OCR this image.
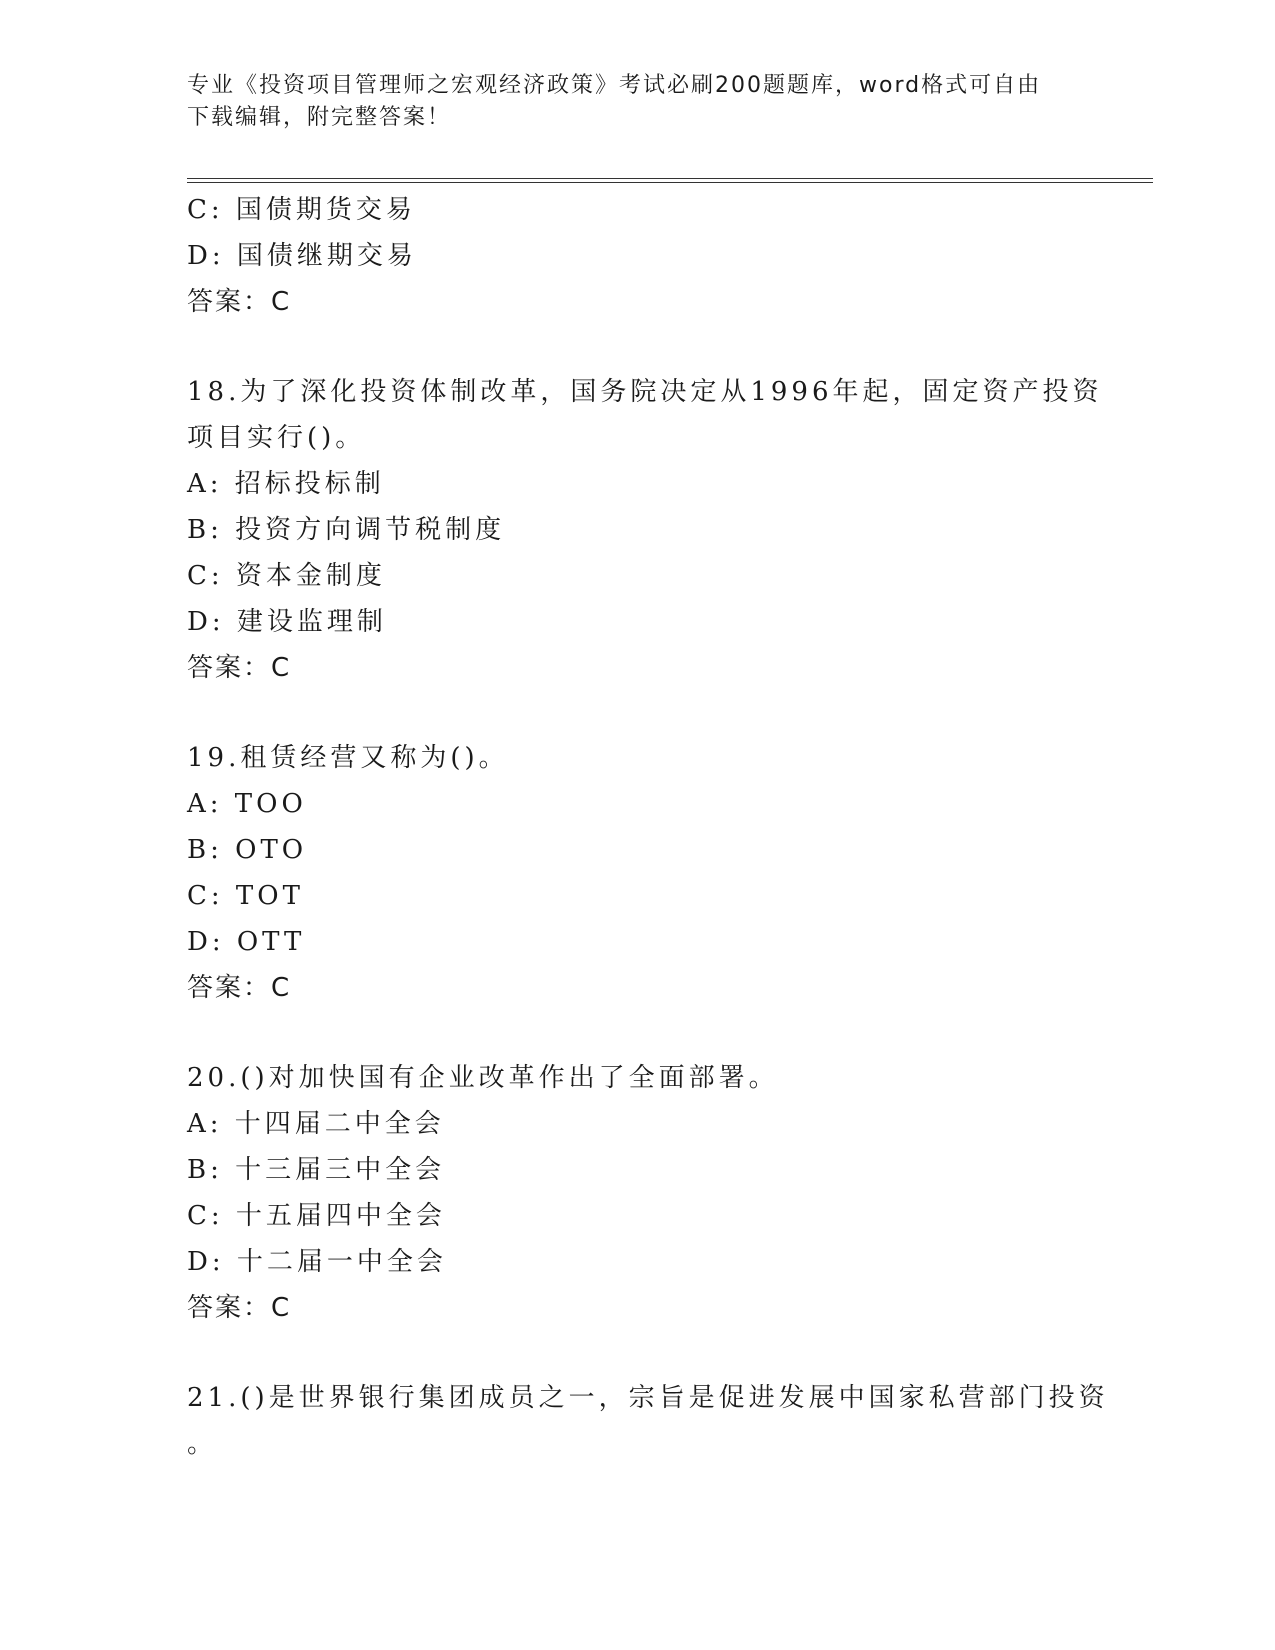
专业《投资项目管理师之宏观经济政策》考试必刷200题题库，word格式可自由
下载编辑，附完整答案！
C: 国债期货交易
D: 国债继期交易
答案：C
18.为了深化投资体制改革，国务院决定从1996年起，固定资产投资
项目实行()。
A: 招标投标制
B: 投资方向调节税制度
C: 资本金制度
D: 建设监理制
答案：C
19.租赁经营又称为()。
A: TOO
B: OTO
C: TOT
D: OTT
答案：C
20.()对加快国有企业改革作出了全面部署。
A: 十四届二中全会
B: 十三届三中全会
C: 十五届四中全会
D: 十二届一中全会
答案：C
21.()是世界银行集团成员之一，宗旨是促进发展中国家私营部门投资
。
